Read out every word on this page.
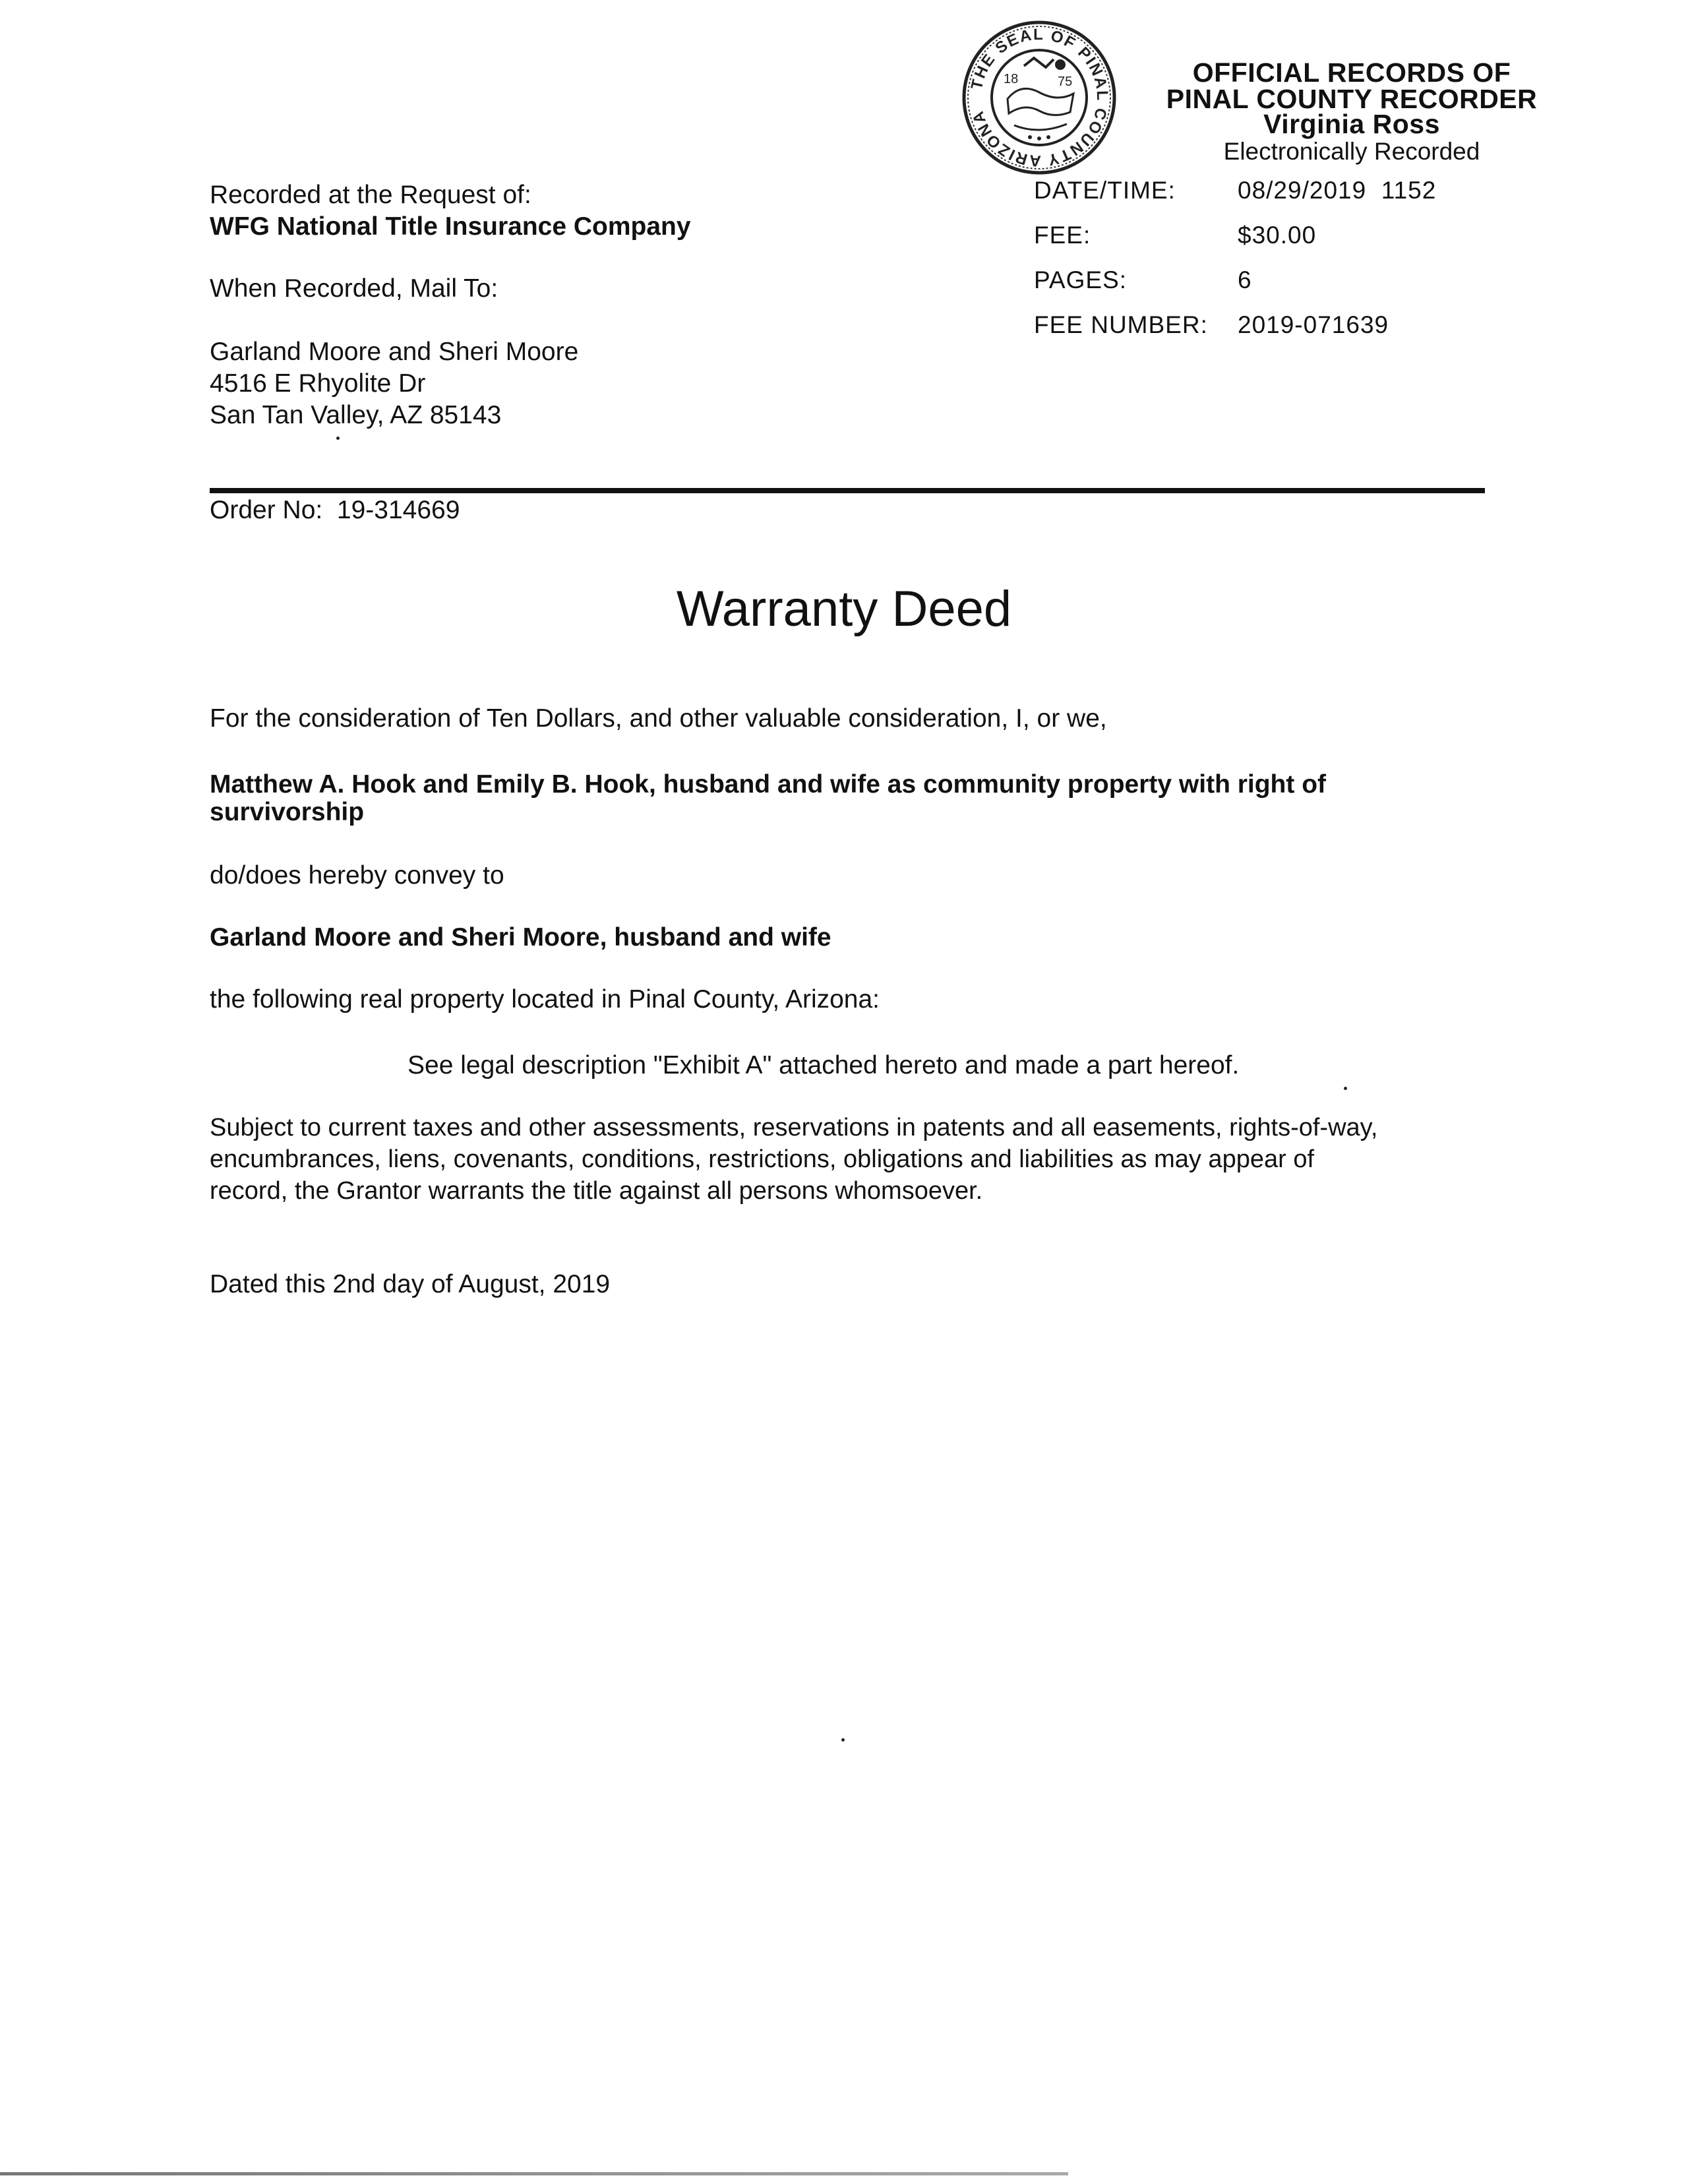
THE SEAL OF PINAL COUNTY ARIZONA
18	75	OFFICIAL RECORDS OF
PINAL COUNTY RECORDER
Virginia Ross
Electronically Recorded
DATE/TIME:	08/29/2019  1152
FEE:	$30.00
PAGES:	6
FEE NUMBER: 2019-071639
Recorded at the Request of:
WFG National Title Insurance Company
When Recorded, Mail To:
Garland Moore and Sheri Moore
4516 E Rhyolite Dr
San Tan Valley, AZ 85143
Order No: 19-314669
Warranty Deed
For the consideration of Ten Dollars, and other valuable consideration, I, or we,
Matthew A. Hook and Emily B. Hook, husband and wife as community property with right of
survivorship
do/does hereby convey to
Garland Moore and Sheri Moore, husband and wife
the following real property located in Pinal County, Arizona:
See legal description "Exhibit A" attached hereto and made a part hereof.
Subject to current taxes and other assessments, reservations in patents and all easements, rights-of-way,
encumbrances, liens, covenants, conditions, restrictions, obligations and liabilities as may appear of
record, the Grantor warrants the title against all persons whomsoever.
Dated this 2nd day of August, 2019
